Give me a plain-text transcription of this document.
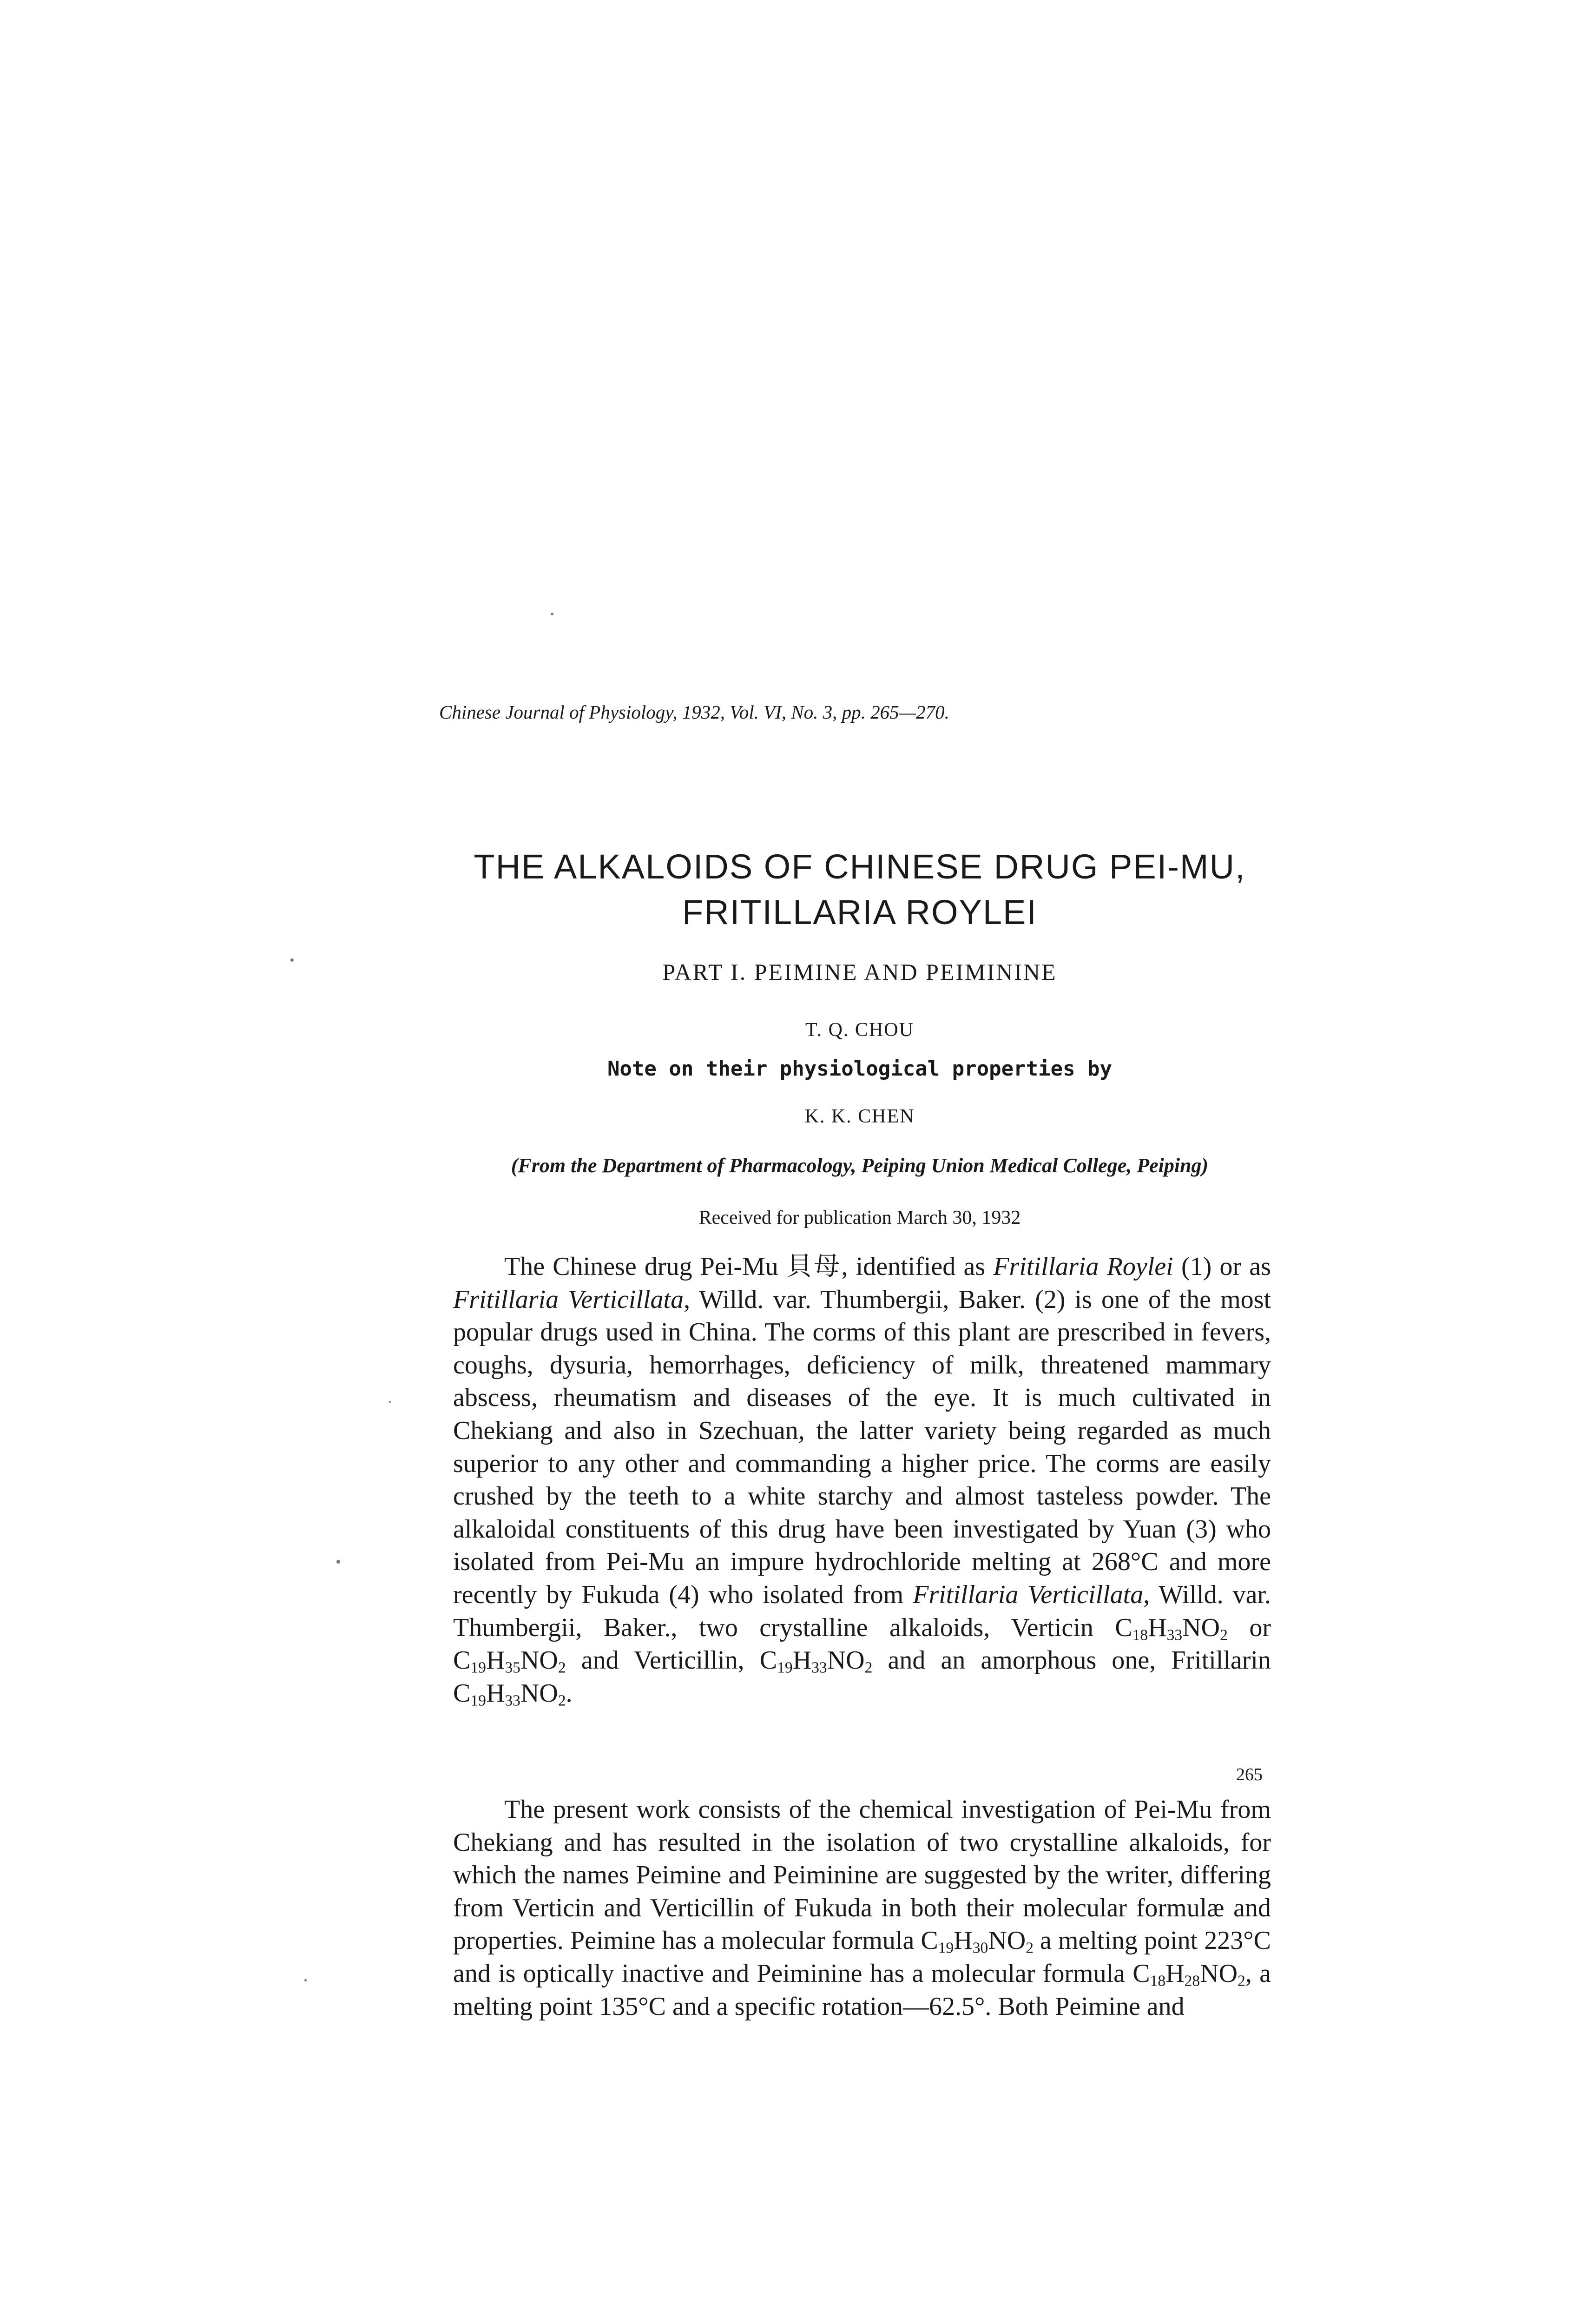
Chinese Journal of Physiology, 1932, Vol. VI, No. 3, pp. 265—270.
THE ALKALOIDS OF CHINESE DRUG PEI-MU,
FRITILLARIA ROYLEI
PART I. PEIMINE AND PEIMININE
T. Q. CHOU
Note on their physiological properties by
K. K. CHEN
(From the Department of Pharmacology, Peiping Union Medical College, Peiping)
Received for publication March 30, 1932

The Chinese drug Pei-Mu 貝母, identified as Fritillaria Roylei (1) or as Fritillaria Verticillata, Willd. var. Thumbergii, Baker. (2) is one of the most popular drugs used in China. The corms of this plant are prescribed in fevers, coughs, dysuria, hemorrhages, deficiency of milk, threatened mammary abscess, rheumatism and diseases of the eye. It is much cultivated in Chekiang and also in Szechuan, the latter variety being regarded as much superior to any other and commanding a higher price. The corms are easily crushed by the teeth to a white starchy and almost tasteless powder. The alkaloidal constituents of this drug have been investigated by Yuan (3) who isolated from Pei-Mu an impure hydrochloride melting at 268°C and more recently by Fukuda (4) who isolated from Fritillaria Verticillata, Willd. var. Thumbergii, Baker., two crystalline alkaloids, Verticin $C_{18}H_{33}NO_2$ or $C_{19}H_{35}NO_2$ and Verticillin, $C_{19}H_{33}NO_2$ and an amorphous one, Fritillarin $C_{19}H_{33}NO_2$.

The present work consists of the chemical investigation of Pei-Mu from Chekiang and has resulted in the isolation of two crystalline alkaloids, for which the names Peimine and Peiminine are suggested by the writer, differing from Verticin and Verticillin of Fukuda in both their molecular formulæ and properties. Peimine has a molecular formula $C_{19}H_{30}NO_2$ a melting point 223°C and is optically inactive and Peiminine has a molecular formula $C_{18}H_{28}NO_2$, a melting point 135°C and a specific rotation—62.5°. Both Peimine and

265
